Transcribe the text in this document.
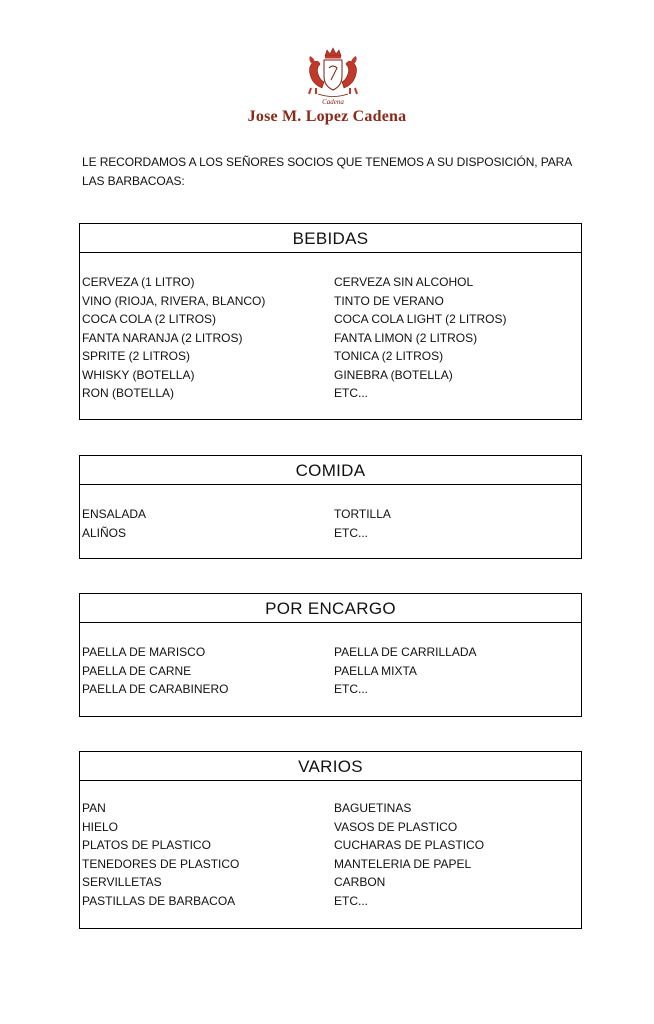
Cadena
Jose M. Lopez Cadena
LE RECORDAMOS A LOS SEÑORES SOCIOS QUE TENEMOS A SU DISPOSICIÓN, PARA LAS BARBACOAS:
BEBIDAS
CERVEZA (1 LITRO)	CERVEZA SIN ALCOHOL
VINO (RIOJA, RIVERA, BLANCO)	TINTO DE VERANO
COCA COLA (2 LITROS)	COCA COLA LIGHT (2 LITROS)
FANTA NARANJA (2 LITROS)	FANTA LIMON (2 LITROS)
SPRITE (2 LITROS)	TONICA (2 LITROS)
WHISKY (BOTELLA)	GINEBRA (BOTELLA)
RON (BOTELLA)	ETC...
COMIDA
ENSALADA	TORTILLA
ALIÑOS	ETC...
POR ENCARGO
PAELLA DE MARISCO	PAELLA DE CARRILLADA
PAELLA DE CARNE	PAELLA MIXTA
PAELLA DE CARABINERO	ETC...
VARIOS
PAN	BAGUETINAS
HIELO	VASOS DE PLASTICO
PLATOS DE PLASTICO	CUCHARAS DE PLASTICO
TENEDORES DE PLASTICO	MANTELERIA DE PAPEL
SERVILLETAS	CARBON
PASTILLAS DE BARBACOA	ETC...
